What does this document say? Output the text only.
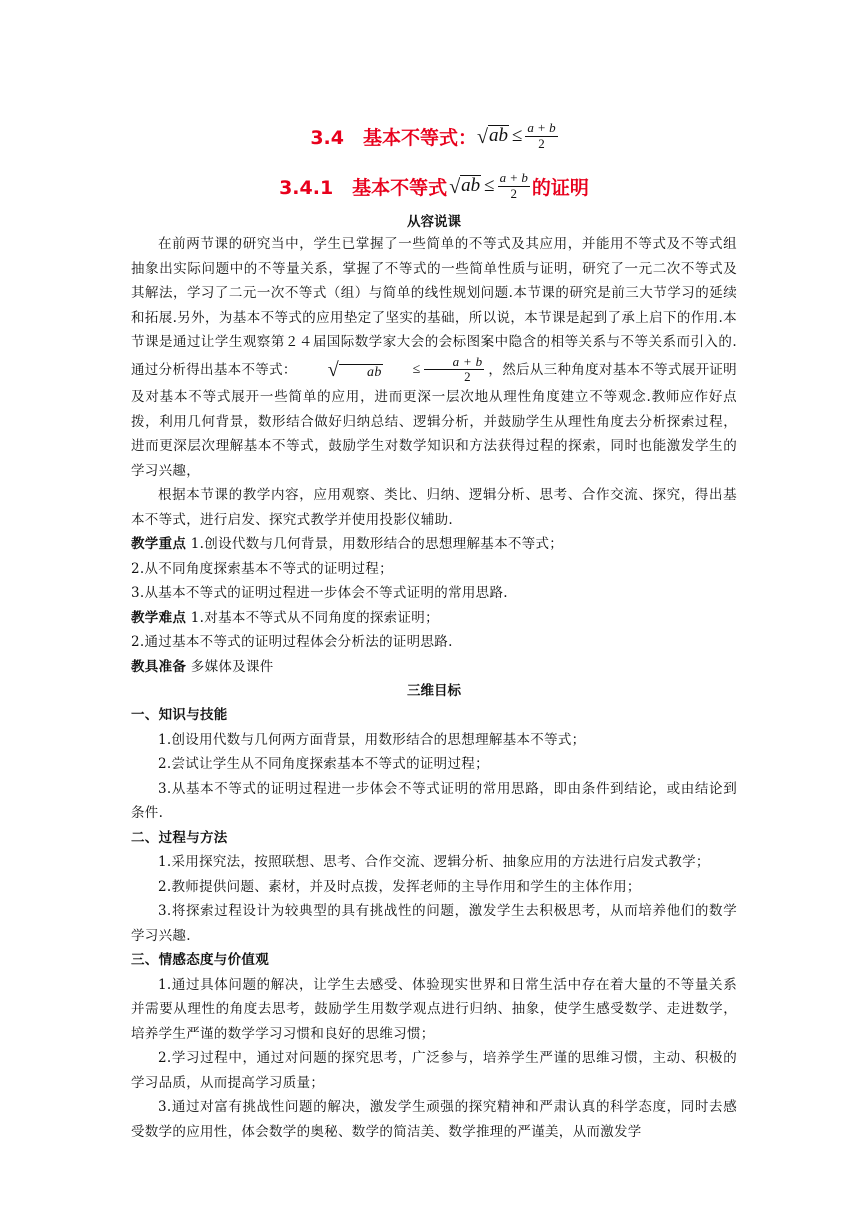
3.4　基本不等式： √ ab ≤ $\frac{a + b}{2}$
3.4.1　基本不等式 √ ab ≤ $\frac{a + b}{2}$ 的证明
从容说课
在前两节课的研究当中，学生已掌握了一些简单的不等式及其应用，并能用不等式及不等式组抽象出实际问题中的不等量关系，掌握了不等式的一些简单性质与证明，研究了一元二次不等式及其解法，学习了二元一次不等式（组）与简单的线性规划问题.本节课的研究是前三大节学习的延续和拓展.另外，为基本不等式的应用垫定了坚实的基础，所以说，本节课是起到了承上启下的作用.本节课是通过让学生观察第２４届国际数学家大会的会标图案中隐含的相等关系与不等关系而引入的.通过分析得出基本不等式：	√	ab	≤ $\frac{a + b}{2}$ ，然后从三种角度对基本不等式展开证明及对基本不等式展开一些简单的应用，进而更深一层次地从理性角度建立不等观念.教师应作好点拨，利用几何背景，数形结合做好归纳总结、逻辑分析，并鼓励学生从理性角度去分析探索过程，进而更深层次理解基本不等式，鼓励学生对数学知识和方法获得过程的探索，同时也能激发学生的学习兴趣，
根据本节课的教学内容，应用观察、类比、归纳、逻辑分析、思考、合作交流、探究，得出基本不等式，进行启发、探究式教学并使用投影仪辅助.
教学重点 1.创设代数与几何背景，用数形结合的思想理解基本不等式；
2.从不同角度探索基本不等式的证明过程；
3.从基本不等式的证明过程进一步体会不等式证明的常用思路.
教学难点 1.对基本不等式从不同角度的探索证明；
2.通过基本不等式的证明过程体会分析法的证明思路.
教具准备 多媒体及课件
三维目标
一、知识与技能
1.创设用代数与几何两方面背景，用数形结合的思想理解基本不等式；
2.尝试让学生从不同角度探索基本不等式的证明过程；
3.从基本不等式的证明过程进一步体会不等式证明的常用思路，即由条件到结论，或由结论到条件.
二、过程与方法
1.采用探究法，按照联想、思考、合作交流、逻辑分析、抽象应用的方法进行启发式教学；
2.教师提供问题、素材，并及时点拨，发挥老师的主导作用和学生的主体作用；
3.将探索过程设计为较典型的具有挑战性的问题，激发学生去积极思考，从而培养他们的数学学习兴趣.
三、情感态度与价值观
1.通过具体问题的解决，让学生去感受、体验现实世界和日常生活中存在着大量的不等量关系并需要从理性的角度去思考，鼓励学生用数学观点进行归纳、抽象，使学生感受数学、走进数学，培养学生严谨的数学学习习惯和良好的思维习惯；
2.学习过程中，通过对问题的探究思考，广泛参与，培养学生严谨的思维习惯，主动、积极的学习品质，从而提高学习质量；
3.通过对富有挑战性问题的解决，激发学生顽强的探究精神和严肃认真的科学态度，同时去感受数学的应用性，体会数学的奥秘、数学的简洁美、数学推理的严谨美，从而激发学
